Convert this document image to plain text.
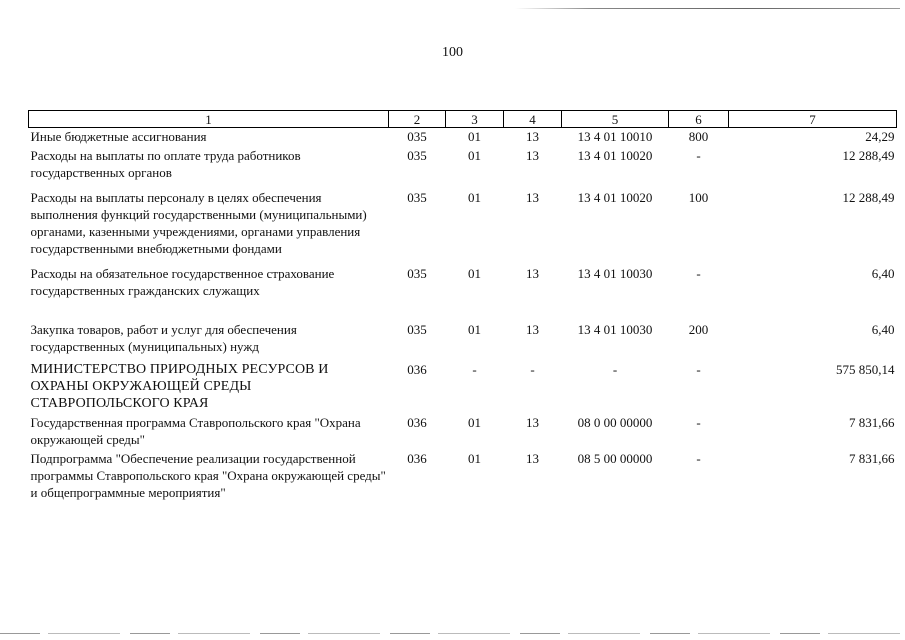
100
1	2	3	4	5	6	7
Иные бюджетные ассигнования	035	01	13	13 4 01 10010	800	24,29
Расходы на выплаты по оплате труда работников государственных органов	035	01	13	13 4 01 10020	-	12 288,49
Расходы на выплаты персоналу в целях обеспечения выполнения функций государственными (муниципальными) органами, казенными учреждениями, органами управления государственными внебюджетными фондами	035	01	13	13 4 01 10020	100	12 288,49
Расходы на обязательное государственное страхование государственных гражданских служащих	035	01	13	13 4 01 10030	-	6,40
Закупка товаров, работ и услуг для обеспечения государственных (муниципальных) нужд	035	01	13	13 4 01 10030	200	6,40
МИНИСТЕРСТВО ПРИРОДНЫХ РЕСУРСОВ И ОХРАНЫ ОКРУЖАЮЩЕЙ СРЕДЫ СТАВРОПОЛЬСКОГО КРАЯ	036	-	-	-	-	575 850,14
Государственная программа Ставропольского края "Охрана окружающей среды"	036	01	13	08 0 00 00000	-	7 831,66
Подпрограмма "Обеспечение реализации государственной программы Ставропольского края "Охрана окружающей среды" и общепрограммные мероприятия"	036	01	13	08 5 00 00000	-	7 831,66
